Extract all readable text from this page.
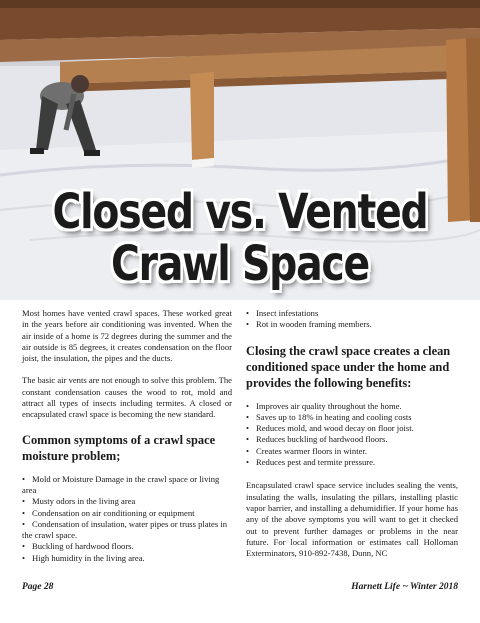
Closed vs. Vented
Crawl Space

Most homes have vented crawl spaces. These worked great in the years before air conditioning was invented. When the air inside of a home is 72 degrees during the summer and the air outside is 85 degrees, it creates condensation on the floor joist, the insulation, the pipes and the ducts.

The basic air vents are not enough to solve this problem. The constant condensation causes the wood to rot, mold and attract all types of insects including termites. A closed or encapsulated crawl space is becoming the new standard.

Common symptoms of a crawl space moisture problem;
• Mold or Moisture Damage in the crawl space or living area
• Musty odors in the living area
• Condensation on air conditioning or equipment
• Condensation of insulation, water pipes or truss plates in the crawl space.
• Buckling of hardwood floors.
• High humidity in the living area.
• Insect infestations
• Rot in wooden framing members.
Closing the crawl space creates a clean conditioned space under the home and provides the following benefits:
• Improves air quality throughout the home.
• Saves up to 18% in heating and cooling costs
• Reduces mold, and wood decay on floor joist.
• Reduces buckling of hardwood floors.
• Creates warmer floors in winter.
• Reduces pest and termite pressure.

Encapsulated crawl space service includes sealing the vents, insulating the walls, insulating the pillars, installing plastic vapor barrier, and installing a dehumidifier. If your home has any of the above symptoms you will want to get it checked out to prevent further damages or problems in the near future. For local information or estimates call Holloman Exterminators, 910-892-7438, Dunn, NC

Page 28	Harnett Life ~ Winter 2018
